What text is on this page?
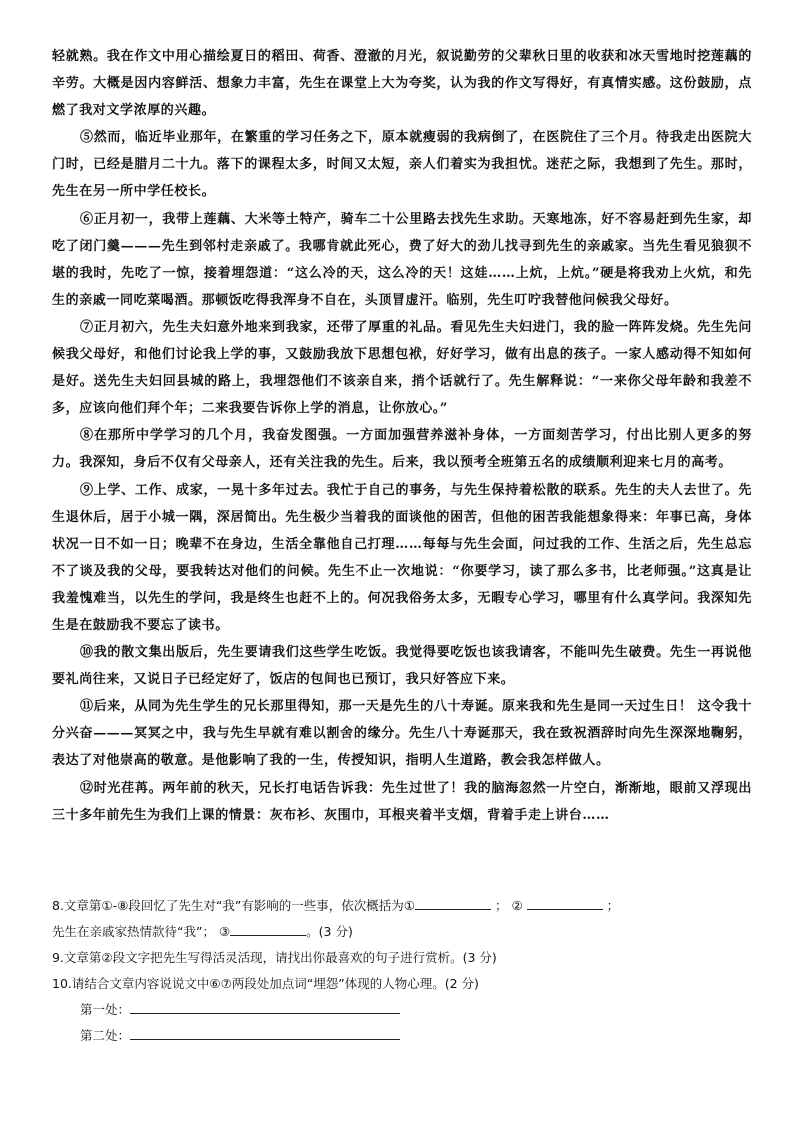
轻就熟。我在作文中用心描绘夏日的稻田、荷香、澄澈的月光，叙说勤劳的父辈秋日里的收获和冰天雪地时挖莲藕的辛劳。大概是因内容鲜活、想象力丰富，先生在课堂上大为夸奖，认为我的作文写得好，有真情实感。这份鼓励，点燃了我对文学浓厚的兴趣。

⑤然而，临近毕业那年，在繁重的学习任务之下，原本就瘦弱的我病倒了，在医院住了三个月。待我走出医院大门时，已经是腊月二十九。落下的课程太多，时间又太短，亲人们着实为我担忧。迷茫之际，我想到了先生。那时，先生在另一所中学任校长。

⑥正月初一，我带上莲藕、大米等土特产，骑车二十公里路去找先生求助。天寒地冻，好不容易赶到先生家，却吃了闭门羹———先生到邻村走亲戚了。我哪肯就此死心，费了好大的劲儿找寻到先生的亲戚家。当先生看见狼狈不堪的我时，先吃了一惊，接着埋怨道：“这么冷的天，这么冷的天！这娃……上炕，上炕。”硬是将我劝上火炕，和先生的亲戚一同吃菜喝酒。那顿饭吃得我浑身不自在，头顶冒虚汗。临别，先生叮咛我替他问候我父母好。

⑦正月初六，先生夫妇意外地来到我家，还带了厚重的礼品。看见先生夫妇进门，我的脸一阵阵发烧。先生先问候我父母好，和他们讨论我上学的事，又鼓励我放下思想包袱，好好学习，做有出息的孩子。一家人感动得不知如何是好。送先生夫妇回县城的路上，我埋怨他们不该亲自来，捎个话就行了。先生解释说：“一来你父母年龄和我差不多，应该向他们拜个年；二来我要告诉你上学的消息，让你放心。”

⑧在那所中学学习的几个月，我奋发图强。一方面加强营养滋补身体，一方面刻苦学习，付出比别人更多的努力。我深知，身后不仅有父母亲人，还有关注我的先生。后来，我以预考全班第五名的成绩顺利迎来七月的高考。

⑨上学、工作、成家，一晃十多年过去。我忙于自己的事务，与先生保持着松散的联系。先生的夫人去世了。先生退休后，居于小城一隅，深居简出。先生极少当着我的面谈他的困苦，但他的困苦我能想象得来：年事已高，身体状况一日不如一日；晚辈不在身边，生活全靠他自己打理……每每与先生会面，问过我的工作、生活之后，先生总忘不了谈及我的父母，要我转达对他们的问候。先生不止一次地说：“你要学习，读了那么多书，比老师强。”这真是让我羞愧难当，以先生的学问，我是终生也赶不上的。何况我俗务太多，无暇专心学习，哪里有什么真学问。我深知先生是在鼓励我不要忘了读书。

⑩我的散文集出版后，先生要请我们这些学生吃饭。我觉得要吃饭也该我请客，不能叫先生破费。先生一再说他要礼尚往来，又说日子已经定好了，饭店的包间也已预订，我只好答应下来。

⑪后来，从同为先生学生的兄长那里得知，那一天是先生的八十寿诞。原来我和先生是同一天过生日！ 这令我十分兴奋———冥冥之中，我与先生早就有难以割舍的缘分。先生八十寿诞那天，我在致祝酒辞时向先生深深地鞠躬，表达了对他崇高的敬意。是他影响了我的一生，传授知识，指明人生道路，教会我怎样做人。

⑫时光荏苒。两年前的秋天，兄长打电话告诉我：先生过世了！我的脑海忽然一片空白，渐渐地，眼前又浮现出三十多年前先生为我们上课的情景：灰布衫、灰围巾，耳根夹着半支烟，背着手走上讲台……

8.文章第①-⑧段回忆了先生对“我”有影响的一些事，依次概括为①	； ②	；

先生在亲戚家热情款待“我”； ③	。(3 分)

9.文章第②段文字把先生写得活灵活现，请找出你最喜欢的句子进行赏析。(3 分)

10.请结合文章内容说说文中⑥⑦两段处加点词“埋怨”体现的人物心理。(2 分)

第一处：

第二处：
